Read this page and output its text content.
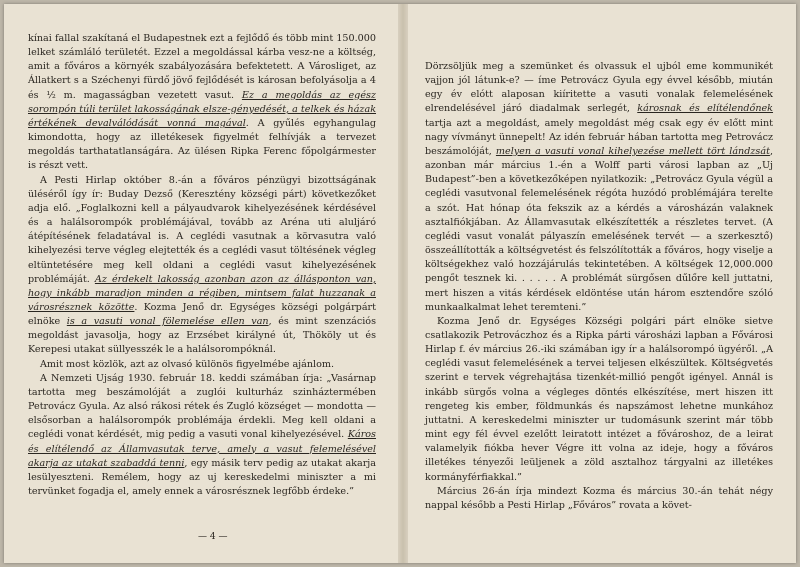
kínai fallal szakítaná el Budapestnek ezt a fejlődő és több mint 150.000 lelket számláló területét. Ezzel a megoldással kárba vesz-ne a költség, amit a főváros a környék szabályozására befektetett. A Városliget, az Állatkert s a Széchenyi fürdő jövő fejlődését is károsan befolyásolja a 4 és ½ m. magasságban vezetett vasut. Ez a megoldás az egész sorompón túli terület lakosságának elsze-gényedését, a telkek és házak értékének devalválódását vonná magával. A gyűlés egyhangulag kimondotta, hogy az illetékesek figyelmét felhívják a tervezet megoldás tarthatatlanságára. Az ülésen Ripka Ferenc főpolgármester is részt vett.

A Pesti Hirlap október 8.-án a főváros pénzügyi bizottságának üléséről így ír: Buday Dezső (Keresztény községi párt) következőket adja elő. „Foglalkozni kell a pályaudvarok kihelyezésének kérdésével és a halálsorompók problémájával, tovább az Aréna uti aluljáró átépítésének feladatával is. A ceglédi vasutnak a körvasutra való kihelyezési terve végleg elejtették és a ceglédi vasut töltésének végleg eltüntetésére meg kell oldani a ceglédi vasut kihelyezésének problémáját. Az érdekelt lakosság azonban azon az állásponton van, hogy inkább maradjon minden a régiben, mintsem falat huzzanak a városrésznek közötte. Kozma Jenő dr. Egységes községi polgárpárt elnöke is a vasuti vonal fölemelése ellen van, és mint szenzációs megoldást javasolja, hogy az Erzsébet királyné út, Thököly ut és Kerepesi utakat süllyesszék le a halálsorompóknál.

Amit most közlök, azt az olvasó különös figyelmébe ajánlom.

A Nemzeti Ujság 1930. február 18. keddi számában írja: „Vasárnap tartotta meg beszámolóját a zuglói kulturház szinháztermében Petrovácz Gyula. Az alsó rákosi rétek és Zugló községet — mondotta — elsősorban a halálsorompók problémája érdekli. Meg kell oldani a ceglédi vonat kérdését, mig pedig a vasuti vonal kihelyezésével. Káros és elítélendő az Államvasutak terve, amely a vasut felemelésével akarja az utakat szabaddá tenni, egy másik terv pedig az utakat akarja lesülyeszteni. Remélem, hogy az uj kereskedelmi miniszter a mi tervünket fogadja el, amely ennek a városrésznek legfőbb érdeke.”

Dörzsöljük meg a szemünket és olvassuk el ujból eme kommunikét vajjon jól látunk-e? — íme Petrovácz Gyula egy évvel később, miután egy év elótt alaposan kiíritette a vasuti vonalak felemelésének elrendelésével járó diadalmak serlegét, károsnak és elítélendőnek tartja azt a megoldást, amely megoldást még csak egy év előtt mint nagy vívmányt ünnepelt! Az idén február hában tartotta meg Petrovácz beszámolóját, melyen a vasuti vonal kihelyezése mellett tört lándzsát, azonban már március 1.-én a Wolff parti városi lapban az „Uj Budapest”-ben a következőképen nyilatkozik: „Petrovácz Gyula végül a ceglédi vasutvonal felemelésének régóta huzódó problémájára terelte a szót. Hat hónap óta fekszik az a kérdés a városházán valaknek asztalfiókjában. Az Államvasutak elkészítették a részletes tervet. (A ceglédi vasut vonalát pályaszín emelésének tervét — a szerkesztő) összeállították a költségvetést és felszólították a főváros, hogy viselje a költségekhez való hozzájárulás tekintetében. A költségek 12,000.000 pengőt tesznek ki. . . . . . A problémát sürgősen dűlőre kell juttatni, mert hiszen a vitás kérdések eldöntése után három esztendőre szóló munkaalkalmat lehet teremteni.”

Kozma Jenő dr. Egységes Községi polgári párt elnöke sietve csatlakozik Petrováczhoz és a Ripka párti városházi lapban a Fővárosi Hirlap f. év március 26.-iki számában igy ír a halálsorompó ügyéről. „A ceglédi vasut felemelésének a tervei teljesen elkészültek. Költségvetés szerint e tervek végrehajtása tizenkét-millió pengőt igényel. Annál is inkább sürgős volna a végleges döntés elkészítése, mert hiszen itt rengeteg kis ember, földmunkás és napszámost lehetne munkához juttatni. A kereskedelmi miniszter ur tudomásunk szerint már több mint egy fél évvel ezelőtt leiratott intézet a fővároshoz, de a leirat valamelyik fiókba hever Végre itt volna az ideje, hogy a főváros illetékes tényezői leüljenek a zöld asztalhoz tárgyalni az illetékes kormányférfiakkal.”

Március 26-án írja mindezt Kozma és március 30.-án tehát négy nappal később a Pesti Hirlap „Főváros” rovata a követ-

— 4 —
